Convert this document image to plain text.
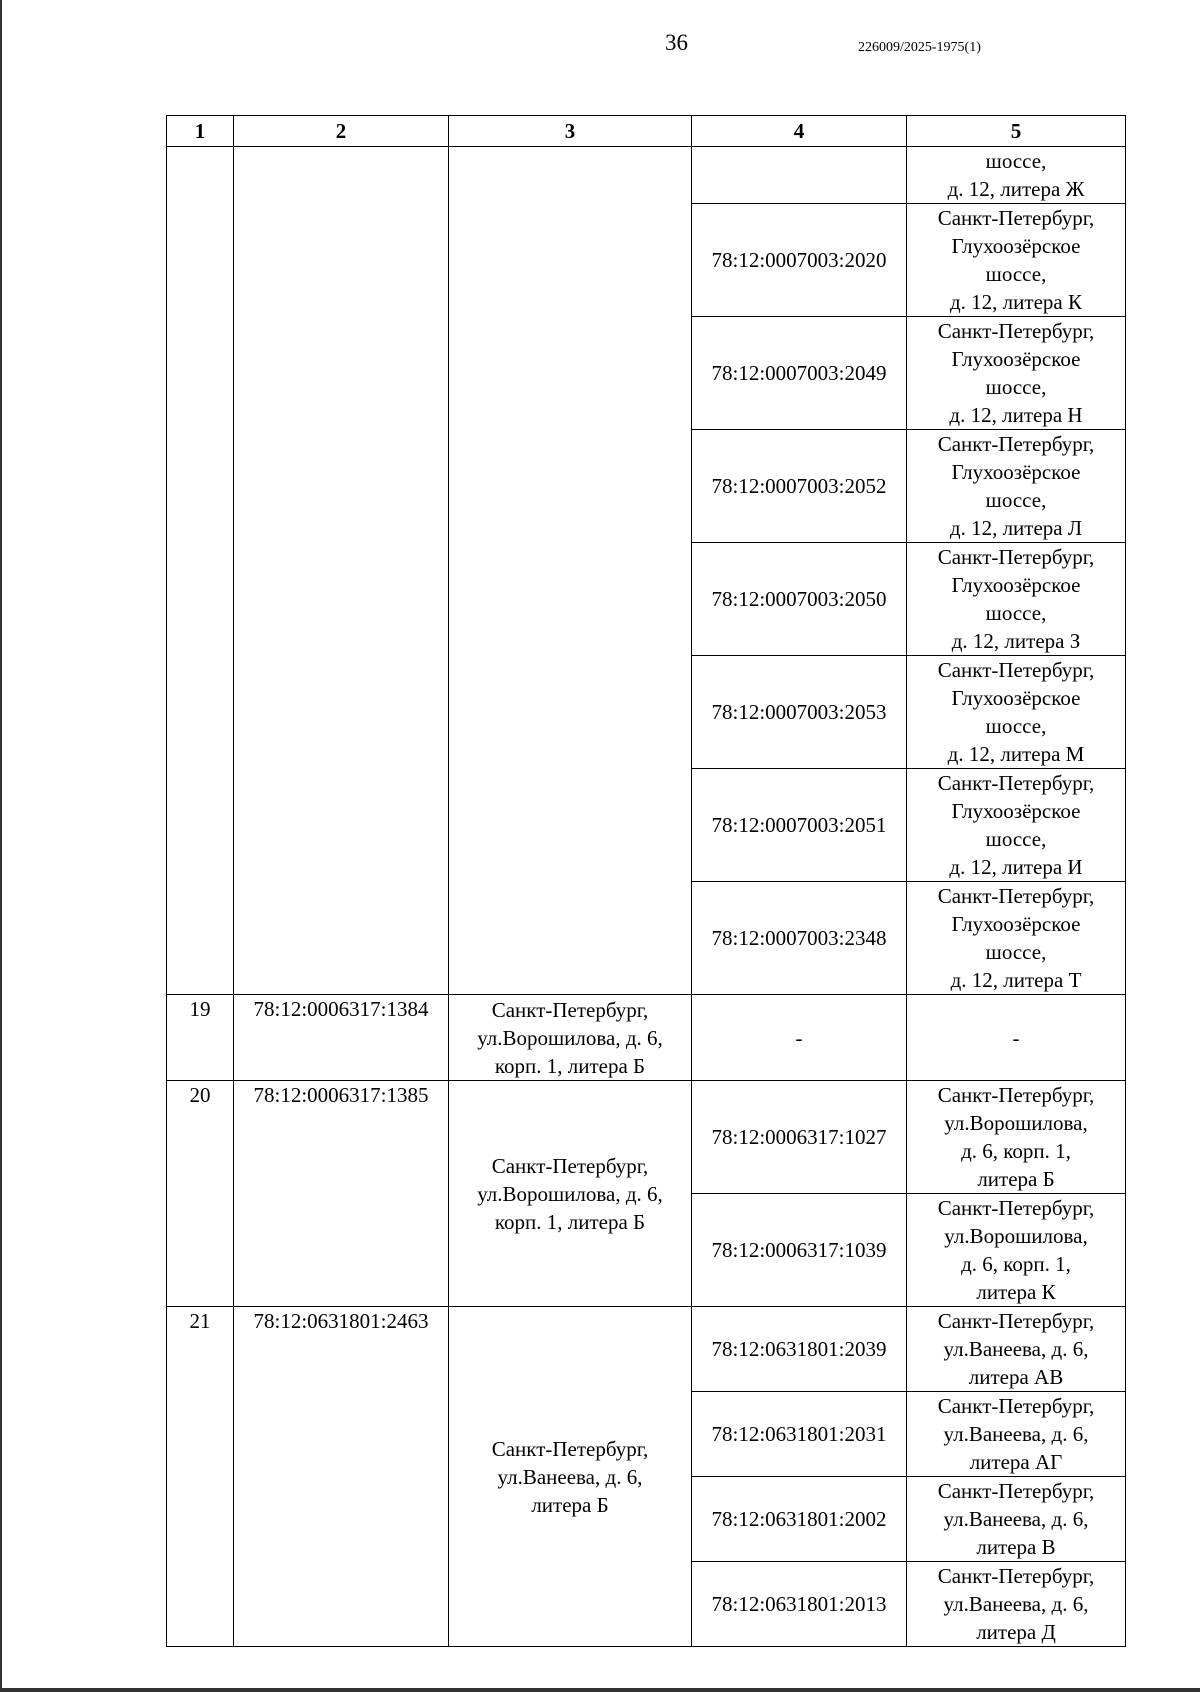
36	226009/2025-1975(1)
1	2	3	4	5
				шоссе,
д. 12, литера Ж
			78:12:0007003:2020	Санкт-Петербург,
Глухоозёрское
шоссе,
д. 12, литера К
			78:12:0007003:2049	Санкт-Петербург,
Глухоозёрское
шоссе,
д. 12, литера Н
			78:12:0007003:2052	Санкт-Петербург,
Глухоозёрское
шоссе,
д. 12, литера Л
			78:12:0007003:2050	Санкт-Петербург,
Глухоозёрское
шоссе,
д. 12, литера З
			78:12:0007003:2053	Санкт-Петербург,
Глухоозёрское
шоссе,
д. 12, литера М
			78:12:0007003:2051	Санкт-Петербург,
Глухоозёрское
шоссе,
д. 12, литера И
			78:12:0007003:2348	Санкт-Петербург,
Глухоозёрское
шоссе,
д. 12, литера Т
19	78:12:0006317:1384	Санкт-Петербург,
ул.Ворошилова, д. 6,
корп. 1, литера Б	-	-
20	78:12:0006317:1385	Санкт-Петербург,
ул.Ворошилова, д. 6,
корп. 1, литера Б	78:12:0006317:1027	Санкт-Петербург,
ул.Ворошилова,
д. 6, корп. 1,
литера Б
			78:12:0006317:1039	Санкт-Петербург,
ул.Ворошилова,
д. 6, корп. 1,
литера К
21	78:12:0631801:2463	Санкт-Петербург,
ул.Ванеева, д. 6,
литера Б	78:12:0631801:2039	Санкт-Петербург,
ул.Ванеева, д. 6,
литера АВ
			78:12:0631801:2031	Санкт-Петербург,
ул.Ванеева, д. 6,
литера АГ
			78:12:0631801:2002	Санкт-Петербург,
ул.Ванеева, д. 6,
литера В
			78:12:0631801:2013	Санкт-Петербург,
ул.Ванеева, д. 6,
литера Д
